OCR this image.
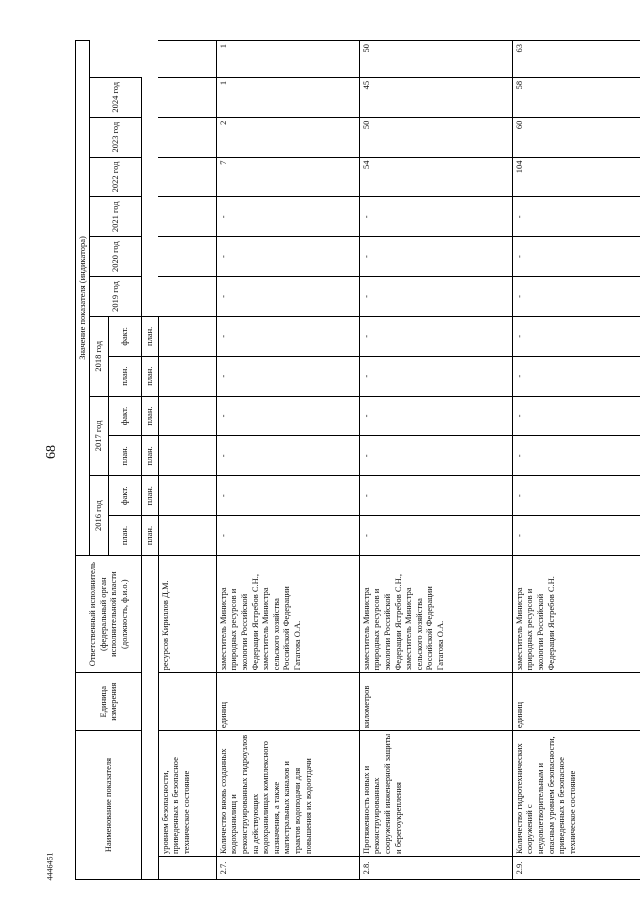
68
4446451
Наименование показателя		Единица измерения	Ответственный исполнитель (федеральный орган исполнительной власти (должность, ф.и.о.)	Значение показателя (индикатора)												
				2016 год		2017 год		2018 год		2019 год	2020 год	2021 год	2022 год	2023 год	2024 год	
				план.	факт.	план.	факт.	план.	факт.							
				план.	план.	план.	план.	план.	план.							
	уровнем безопасности, приведенных в безопасное техническое состояние		ресурсов Кириллов Д.М.													
2.7.	Количество вновь созданных водохранилищ и реконструированных гидроузлов на действующих водохранилищах комплексного назначения, а также магистральных каналов и трактов водоподачи для повышения их водоотдачи	единиц	заместитель Министра природных ресурсов и экологии Российской Федерации Ястребов С.Н., заместитель Министра сельского хозяйства Российской Федерации Гатагова О.А.	-	-	-	-	-	-	-	-	-	7	2	1	1
2.8.	Протяженность новых и реконструированных сооружений инженерной защиты и берегоукрепления	километров	заместитель Министра природных ресурсов и экологии Российской Федерации Ястребов С.Н., заместитель Министра сельского хозяйства Российской Федерации Гатагова О.А.	-	-	-	-	-	-	-	-	-	54	50	45	50
2.9.	Количество гидротехнических сооружений с неудовлетворительным и опасным уровнем безопасности, приведенных в безопасное техническое состояние	единиц	заместитель Министра природных ресурсов и экологии Российской Федерации Ястребов С.Н.	-	-	-	-	-	-	-	-	-	104	60	58	63
